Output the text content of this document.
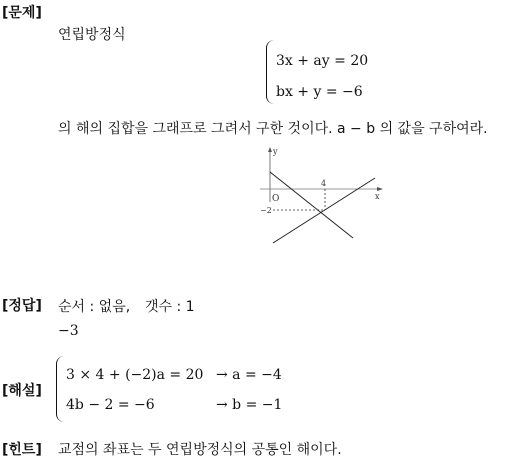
[문제]
연립방정식
3x + ay = 20
bx + y = −6
의 해의 집합을 그래프로 그려서 구한 것이다. a − b 의 값을 구하여라.
y
x
O
4
−2
[정답] 순서 : 없음, 갯수 : 1
−3
[해설]
3 × 4 + (−2)a = 20 → a = −4
4b − 2 = −6	→ b = −1
[힌트] 교점의 좌표는 두 연립방정식의 공통인 해이다.
